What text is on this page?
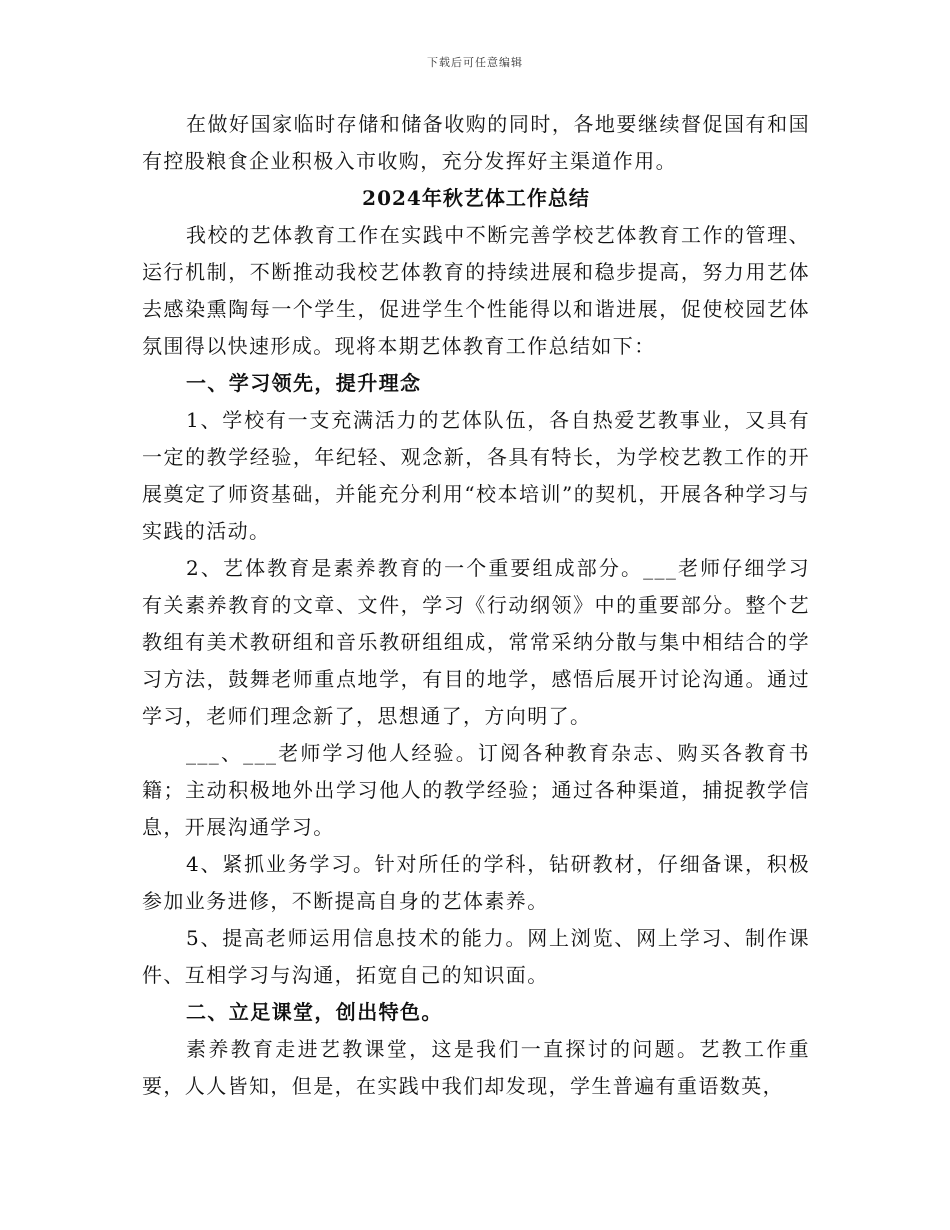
下载后可任意编辑

在做好国家临时存储和储备收购的同时，各地要继续督促国有和国有控股粮食企业积极入市收购，充分发挥好主渠道作用。

2024年秋艺体工作总结

我校的艺体教育工作在实践中不断完善学校艺体教育工作的管理、运行机制，不断推动我校艺体教育的持续进展和稳步提高，努力用艺体去感染熏陶每一个学生，促进学生个性能得以和谐进展，促使校园艺体氛围得以快速形成。现将本期艺体教育工作总结如下：

一、学习领先，提升理念

1、学校有一支充满活力的艺体队伍，各自热爱艺教事业，又具有一定的教学经验，年纪轻、观念新，各具有特长，为学校艺教工作的开展奠定了师资基础，并能充分利用“校本培训”的契机，开展各种学习与实践的活动。

2、艺体教育是素养教育的一个重要组成部分。___老师仔细学习有关素养教育的文章、文件，学习《行动纲领》中的重要部分。整个艺教组有美术教研组和音乐教研组组成，常常采纳分散与集中相结合的学习方法，鼓舞老师重点地学，有目的地学，感悟后展开讨论沟通。通过学习，老师们理念新了，思想通了，方向明了。

___、___老师学习他人经验。订阅各种教育杂志、购买各教育书籍；主动积极地外出学习他人的教学经验；通过各种渠道，捕捉教学信息，开展沟通学习。

4、紧抓业务学习。针对所任的学科，钻研教材，仔细备课，积极参加业务进修，不断提高自身的艺体素养。

5、提高老师运用信息技术的能力。网上浏览、网上学习、制作课件、互相学习与沟通，拓宽自己的知识面。

二、立足课堂，创出特色。

素养教育走进艺教课堂，这是我们一直探讨的问题。艺教工作重要，人人皆知，但是，在实践中我们却发现，学生普遍有重语数英，
